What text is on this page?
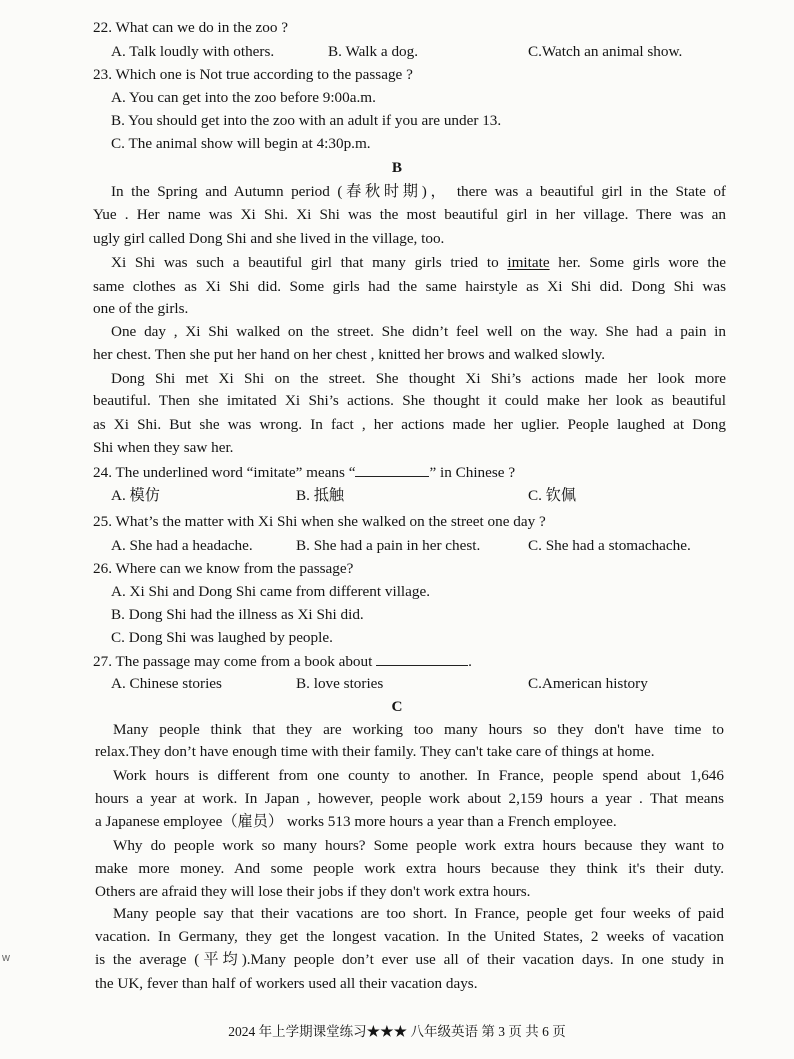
22. What can we do in the zoo ?
A. Talk loudly with others.	B. Walk a dog.	C.Watch an animal show.
23. Which one is Not true according to the passage ?
A. You can get into the zoo before 9:00a.m.
B. You should get into the zoo with an adult if you are under 13.
C. The animal show will begin at 4:30p.m.
B
In the Spring and Autumn period (春秋时期)， there was a beautiful girl in the State of
Yue . Her name was Xi Shi. Xi Shi was the most beautiful girl in her village. There was an
ugly girl called Dong Shi and she lived in the village, too.
Xi Shi was such a beautiful girl that many girls tried to imitate her. Some girls wore the
same clothes as Xi Shi did. Some girls had the same hairstyle as Xi Shi did. Dong Shi was
one of the girls.
One day , Xi Shi walked on the street. She didn’t feel well on the way. She had a pain in
her chest. Then she put her hand on her chest , knitted her brows and walked slowly.
Dong Shi met Xi Shi on the street. She thought Xi Shi’s actions made her look more
beautiful. Then she imitated Xi Shi’s actions. She thought it could make her look as beautiful
as Xi Shi. But she was wrong. In fact , her actions made her uglier. People laughed at Dong
Shi when they saw her.
24. The underlined word “imitate” means “	” in Chinese ?
A. 模仿	B. 抵触	C. 钦佩
25. What’s the matter with Xi Shi when she walked on the street one day ?
A. She had a headache.	B. She had a pain in her chest.	C. She had a stomachache.
26. Where can we know from the passage?
A. Xi Shi and Dong Shi came from different village.
B. Dong Shi had the illness as Xi Shi did.
C. Dong Shi was laughed by people.
27. The passage may come from a book about	.
A. Chinese stories	B. love stories	C.American history
C
Many people think that they are working too many hours so they don't have time to
relax.They don’t have enough time with their family. They can't take care of things at home.
Work hours is different from one county to another. In France, people spend about 1,646
hours a year at work. In Japan , however, people work about 2,159 hours a year . That means
a Japanese employee（雇员） works 513 more hours a year than a French employee.
Why do people work so many hours? Some people work extra hours because they want to
make more money. And some people work extra hours because they think it's their duty.
Others are afraid they will lose their jobs if they don't work extra hours.
Many people say that their vacations are too short. In France, people get four weeks of paid
vacation. In Germany, they get the longest vacation. In the United States, 2 weeks of vacation
is the average (平均).Many people don’t ever use all of their vacation days. In one study in
the UK, fever than half of workers used all their vacation days.
w
2024 年上学期课堂练习★★★ 八年级英语 第 3 页 共 6 页
